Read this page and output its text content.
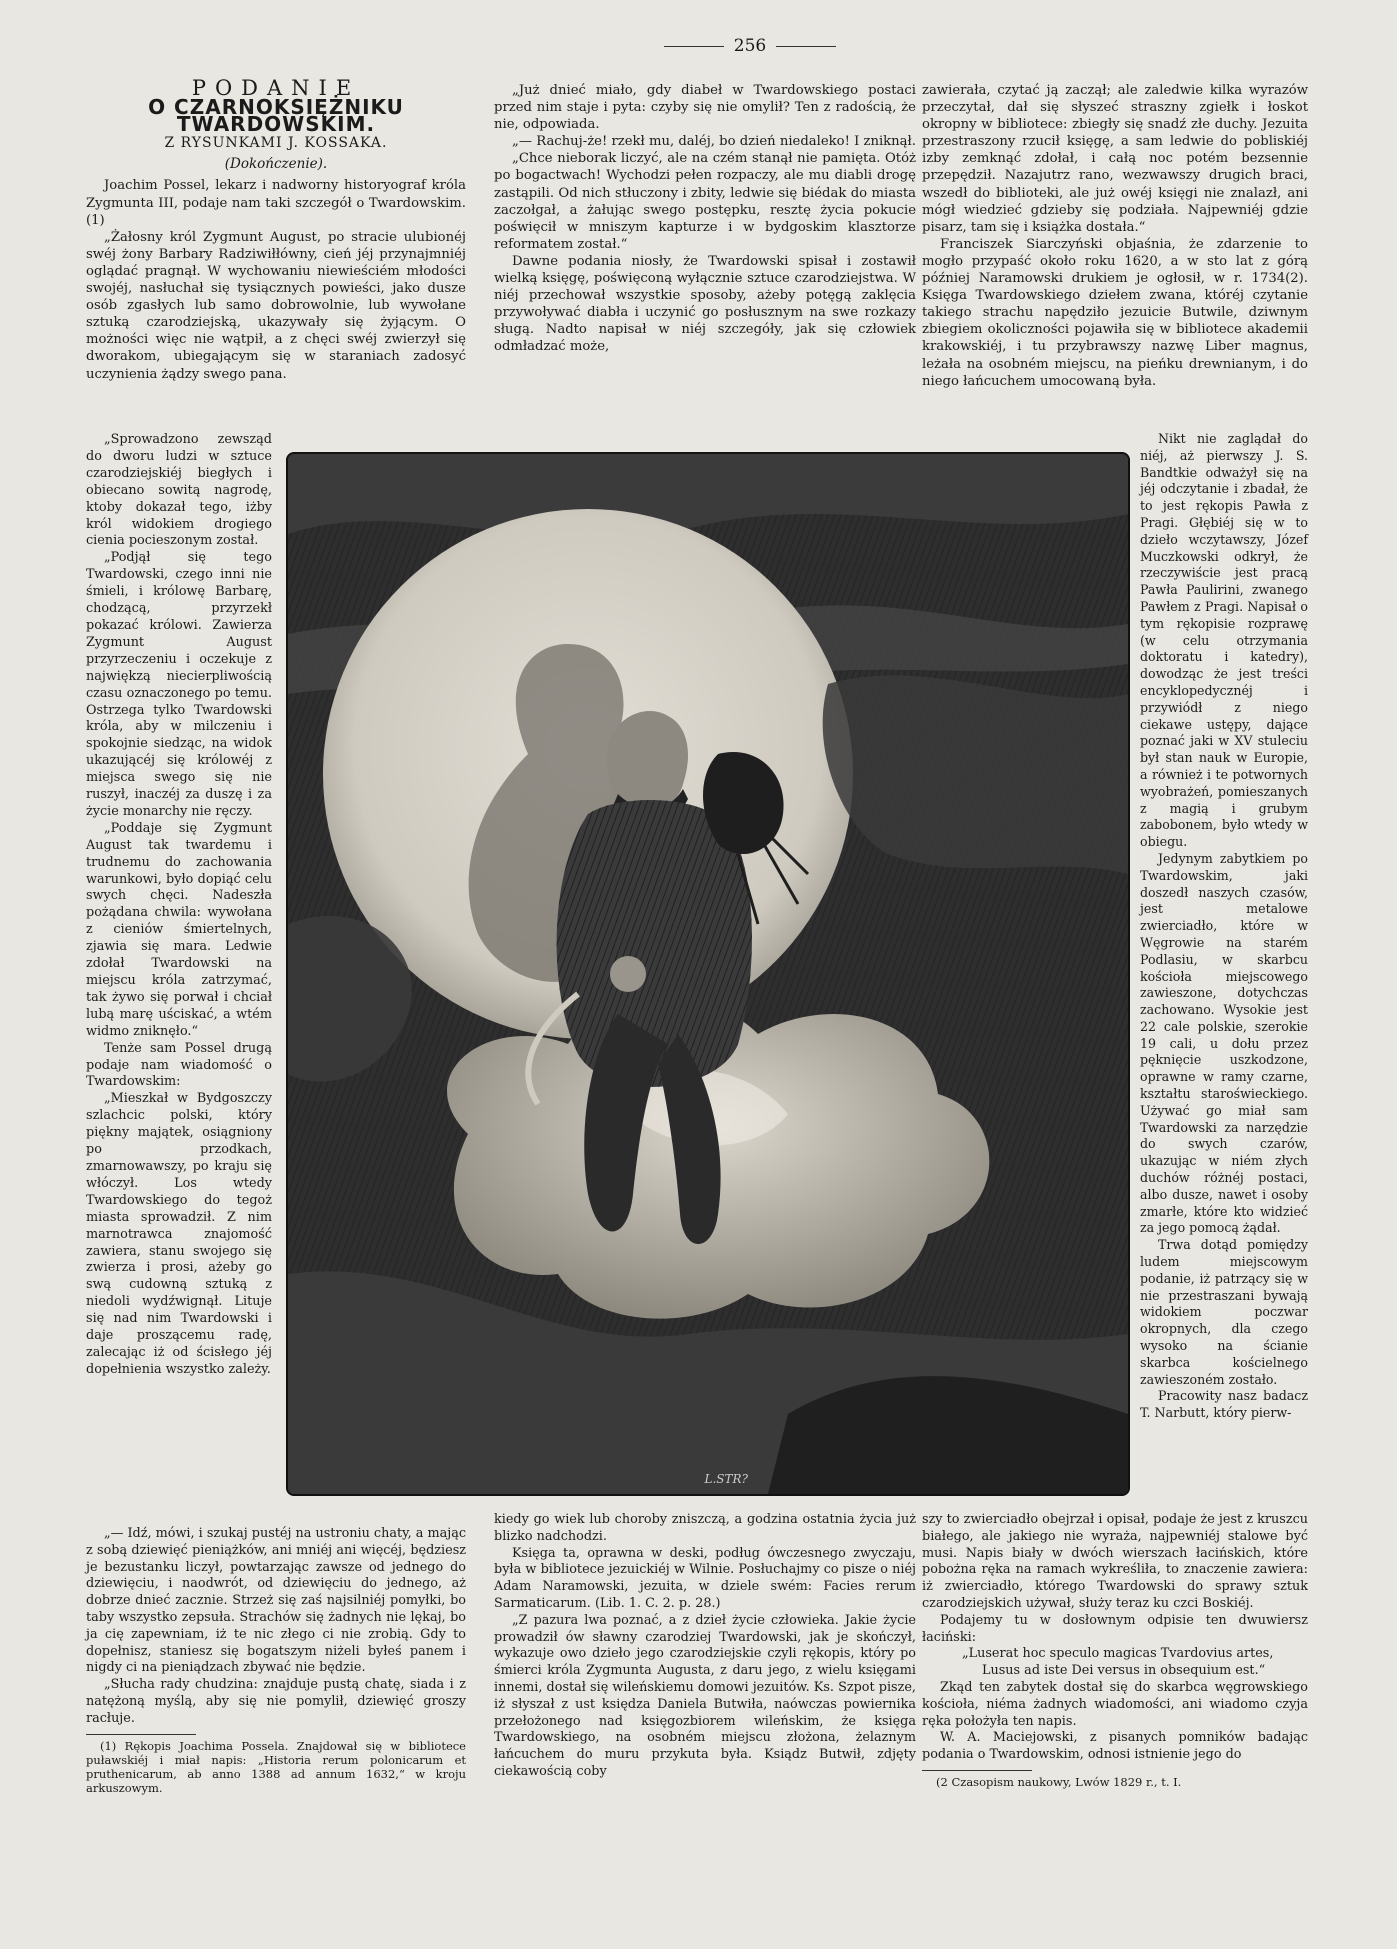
256
PODANIE
O CZARNOKSIĘŻNIKU TWARDOWSKIM.
Z RYSUNKAMI J. KOSSAKA.
(Dokończenie).

Joachim Possel, lekarz i nadworny historyograf króla Zygmunta III, podaje nam taki szczegół o Twardowskim. (1)

„Żałosny król Zygmunt August, po stracie ulubionéj swéj żony Barbary Radziwiłłówny, cień jéj przynajmniéj oglądać pragnął. W wychowaniu niewieściém młodości swojéj, nasłuchał się tysiącznych powieści, jako dusze osób zgasłych lub samo dobrowolnie, lub wywołane sztuką czarodziejską, ukazywały się żyjącym. O możności więc nie wątpił, a z chęci swéj zwierzył się dworakom, ubiegającym się w staraniach zadosyć uczynienia żądzy swego pana.

„Sprowadzono zewsząd do dworu ludzi w sztuce czarodziejskiéj biegłych i obiecano sowitą nagrodę, ktoby dokazał tego, iżby król widokiem drogiego cienia pocieszonym został.

„Podjął się tego Twardowski, czego inni nie śmieli, i królowę Barbarę, chodzącą, przyrzekł pokazać królowi. Zawierza Zygmunt August przyrzeczeniu i oczekuje z najwiękzą niecierpliwością czasu oznaczonego po temu. Ostrzega tylko Twardowski króla, aby w milczeniu i spokojnie siedząc, na widok ukazującéj się królowéj z miejsca swego się nie ruszył, inaczéj za duszę i za życie monarchy nie ręczy.

„Poddaje się Zygmunt August tak twardemu i trudnemu do zachowania warunkowi, było dopiąć celu swych chęci. Nadeszła pożądana chwila: wywołana z cieniów śmiertelnych, zjawia się mara. Ledwie zdołał Twardowski na miejscu króla zatrzymać, tak żywo się porwał i chciał lubą marę uściskać, a wtém widmo zniknęło.“

Tenże sam Possel drugą podaje nam wiadomość o Twardowskim:

„Mieszkał w Bydgoszczy szlachcic polski, który piękny majątek, osiągniony po przodkach, zmarnowawszy, po kraju się włóczył. Los wtedy Twardowskiego do tegoż miasta sprowadził. Z nim marnotrawca znajomość zawiera, stanu swojego się zwierza i prosi, ażeby go swą cudowną sztuką z niedoli wydźwignął. Lituje się nad nim Twardowski i daje proszącemu radę, zalecając iż od ścisłego jéj dopełnienia wszystko zależy.

„— Idź, mówi, i szukaj pustéj na ustroniu chaty, a mając z sobą dziewięć pieniążków, ani mniéj ani więcéj, będziesz je bezustanku liczył, powtarzając zawsze od jednego do dziewięciu, i naodwrót, od dziewięciu do jednego, aż dobrze dnieć zacznie. Strzeż się zaś najsilniéj pomyłki, bo taby wszystko zepsuła. Strachów się żadnych nie lękaj, bo ja cię zapewniam, iż te nic złego ci nie zrobią. Gdy to dopełnisz, staniesz się bogatszym niżeli byłeś panem i nigdy ci na pieniądzach zbywać nie będzie.

„Słucha rady chudzina: znajduje pustą chatę, siada i z natężoną myślą, aby się nie pomylił, dziewięć groszy racłuje.

(1) Rękopis Joachima Possela. Znajdował się w bibliotece puławskiéj i miał napis: „Historia rerum polonicarum et pruthenicarum, ab anno 1388 ad annum 1632,“ w kroju arkuszowym.

„Już dnieć miało, gdy diabeł w Twardowskiego postaci przed nim staje i pyta: czyby się nie omylił? Ten z radością, że nie, odpowiada.

„— Rachuj-że! rzekł mu, daléj, bo dzień niedaleko! I zniknął.

„Chce nieborak liczyć, ale na czém stanął nie pamięta. Otóż po bogactwach! Wychodzi pełen rozpaczy, ale mu diabli drogę zastąpili. Od nich stłuczony i zbity, ledwie się biédak do miasta zaczołgał, a żałując swego postępku, resztę życia pokucie poświęcił w mniszym kapturze i w bydgoskim klasztorze reformatem został.“

Dawne podania niosły, że Twardowski spisał i zostawił wielką księgę, poświęconą wyłącznie sztuce czarodziejstwa. W niéj przechował wszystkie sposoby, ażeby potęgą zaklęcia przywoływać diabła i uczynić go posłusznym na swe rozkazy sługą. Nadto napisał w niéj szczegóły, jak się człowiek odmładzać może,

zawierała, czytać ją zaczął; ale zaledwie kilka wyrazów przeczytał, dał się słyszeć straszny zgiełk i łoskot okropny w bibliotece: zbiegły się snadź złe duchy. Jezuita przestraszony rzucił księgę, a sam ledwie do pobliskiéj izby zemknąć zdołał, i całą noc potém bezsennie przepędził. Nazajutrz rano, wezwawszy drugich braci, wszedł do biblioteki, ale już owéj księgi nie znalazł, ani mógł wiedzieć gdzieby się podziała. Najpewniéj gdzie pisarz, tam się i książka dostała.“

Franciszek Siarczyński objaśnia, że zdarzenie to mogło przypaść około roku 1620, a w sto lat z górą później Naramowski drukiem je ogłosił, w r. 1734(2). Księga Twardowskiego dziełem zwana, któréj czytanie takiego strachu napędziło jezuicie Butwile, dziwnym zbiegiem okoliczności pojawiła się w bibliotece akademii krakowskiéj, i tu przybrawszy nazwę Liber magnus, leżała na osobném miejscu, na pieńku drewnianym, i do niego łańcuchem umocowaną była.

Nikt nie zaglądał do niéj, aż pierwszy J. S. Bandtkie odważył się na jéj odczytanie i zbadał, że to jest rękopis Pawła z Pragi. Głębiéj się w to dzieło wczytawszy, Józef Muczkowski odkrył, że rzeczywiście jest pracą Pawła Paulirini, zwanego Pawłem z Pragi. Napisał o tym rękopisie rozprawę (w celu otrzymania doktoratu i katedry), dowodząc że jest treści encyklopedycznéj i przywiódł z niego ciekawe ustępy, dające poznać jaki w XV stuleciu był stan nauk w Europie, a również i te potwornych wyobrażeń, pomieszanych z magią i grubym zabobonem, było wtedy w obiegu.

Jedynym zabytkiem po Twardowskim, jaki doszedł naszych czasów, jest metalowe zwierciadło, które w Węgrowie na starém Podlasiu, w skarbcu kościoła miejscowego zawieszone, dotychczas zachowano. Wysokie jest 22 cale polskie, szerokie 19 cali, u dołu przez pęknięcie uszkodzone, oprawne w ramy czarne, kształtu staroświeckiego. Używać go miał sam Twardowski za narzędzie do swych czarów, ukazując w niém złych duchów różnéj postaci, albo dusze, nawet i osoby zmarłe, które kto widzieć za jego pomocą żądał.

Trwa dotąd pomiędzy ludem miejscowym podanie, iż patrzący się w nie przestraszani bywają widokiem poczwar okropnych, dla czego wysoko na ścianie skarbca kościelnego zawieszoném zostało.

Pracowity nasz badacz T. Narbutt, który pierw-

L.STR?

kiedy go wiek lub choroby zniszczą, a godzina ostatnia życia już blizko nadchodzi.

Księga ta, oprawna w deski, podług ówczesnego zwyczaju, była w bibliotece jezuickiéj w Wilnie. Posłuchajmy co pisze o niéj Adam Naramowski, jezuita, w dziele swém: Facies rerum Sarmaticarum. (Lib. 1. C. 2. p. 28.)

„Z pazura lwa poznać, a z dzieł życie człowieka. Jakie życie prowadził ów sławny czarodziej Twardowski, jak je skończył, wykazuje owo dzieło jego czarodziejskie czyli rękopis, który po śmierci króla Zygmunta Augusta, z daru jego, z wielu księgami innemi, dostał się wileńskiemu domowi jezuitów. Ks. Szpot pisze, iż słyszał z ust księdza Daniela Butwiła, naówczas powiernika przełożonego nad księgozbiorem wileńskim, że księga Twardowskiego, na osobném miejscu złożona, żelaznym łańcuchem do muru przykuta była. Ksiądz Butwił, zdjęty ciekawością coby

szy to zwierciadło obejrzał i opisał, podaje że jest z kruszcu białego, ale jakiego nie wyraża, najpewniéj stalowe być musi. Napis biały w dwóch wierszach łacińskich, które pobożna ręka na ramach wykreśliła, to znaczenie zawiera: iż zwierciadło, którego Twardowski do sprawy sztuk czarodziejskich używał, służy teraz ku czci Boskiéj.

Podajemy tu w dosłownym odpisie ten dwuwiersz łaciński:

„Luserat hoc speculo magicas Tvardovius artes,

Lusus ad iste Dei versus in obsequium est.“

Zkąd ten zabytek dostał się do skarbca węgrowskiego kościoła, niéma żadnych wiadomości, ani wiadomo czyja ręka położyła ten napis.

W. A. Maciejowski, z pisanych pomników badając podania o Twardowskim, odnosi istnienie jego do

(2 Czasopism naukowy, Lwów 1829 r., t. I.
